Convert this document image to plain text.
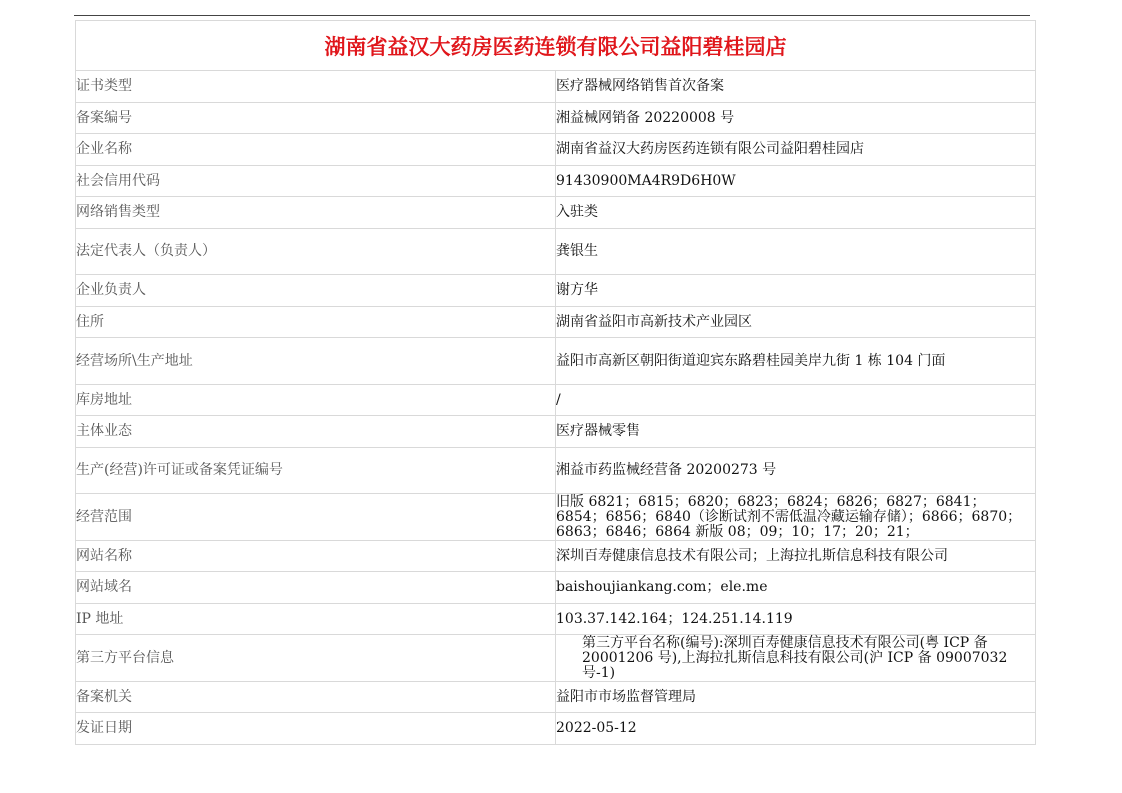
湖南省益汉大药房医药连锁有限公司益阳碧桂园店	
证书类型	医疗器械网络销售首次备案
备案编号	湘益械网销备 20220008 号
企业名称	湖南省益汉大药房医药连锁有限公司益阳碧桂园店
社会信用代码	91430900MA4R9D6H0W
网络销售类型	入驻类
法定代表人（负责人）	龚银生
企业负责人	谢方华
住所	湖南省益阳市高新技术产业园区
经营场所\生产地址	益阳市高新区朝阳街道迎宾东路碧桂园美岸九街 1 栋 104 门面
库房地址	/
主体业态	医疗器械零售
生产(经营)许可证或备案凭证编号	湘益市药监械经营备 20200273 号
经营范围	旧版 6821；6815；6820；6823；6824；6826；6827；6841；6854；6856；6840（诊断试剂不需低温冷藏运输存储）；6866；6870；6863；6846；6864 新版 08；09；10；17；20；21；
网站名称	深圳百寿健康信息技术有限公司；上海拉扎斯信息科技有限公司
网站域名	baishoujiankang.com；ele.me
IP 地址	103.37.142.164；124.251.14.119
第三方平台信息	第三方平台名称(编号):深圳百寿健康信息技术有限公司(粤 ICP 备 20001206 号),上海拉扎斯信息科技有限公司(沪 ICP 备 09007032 号-1)
备案机关	益阳市市场监督管理局
发证日期	2022-05-12
